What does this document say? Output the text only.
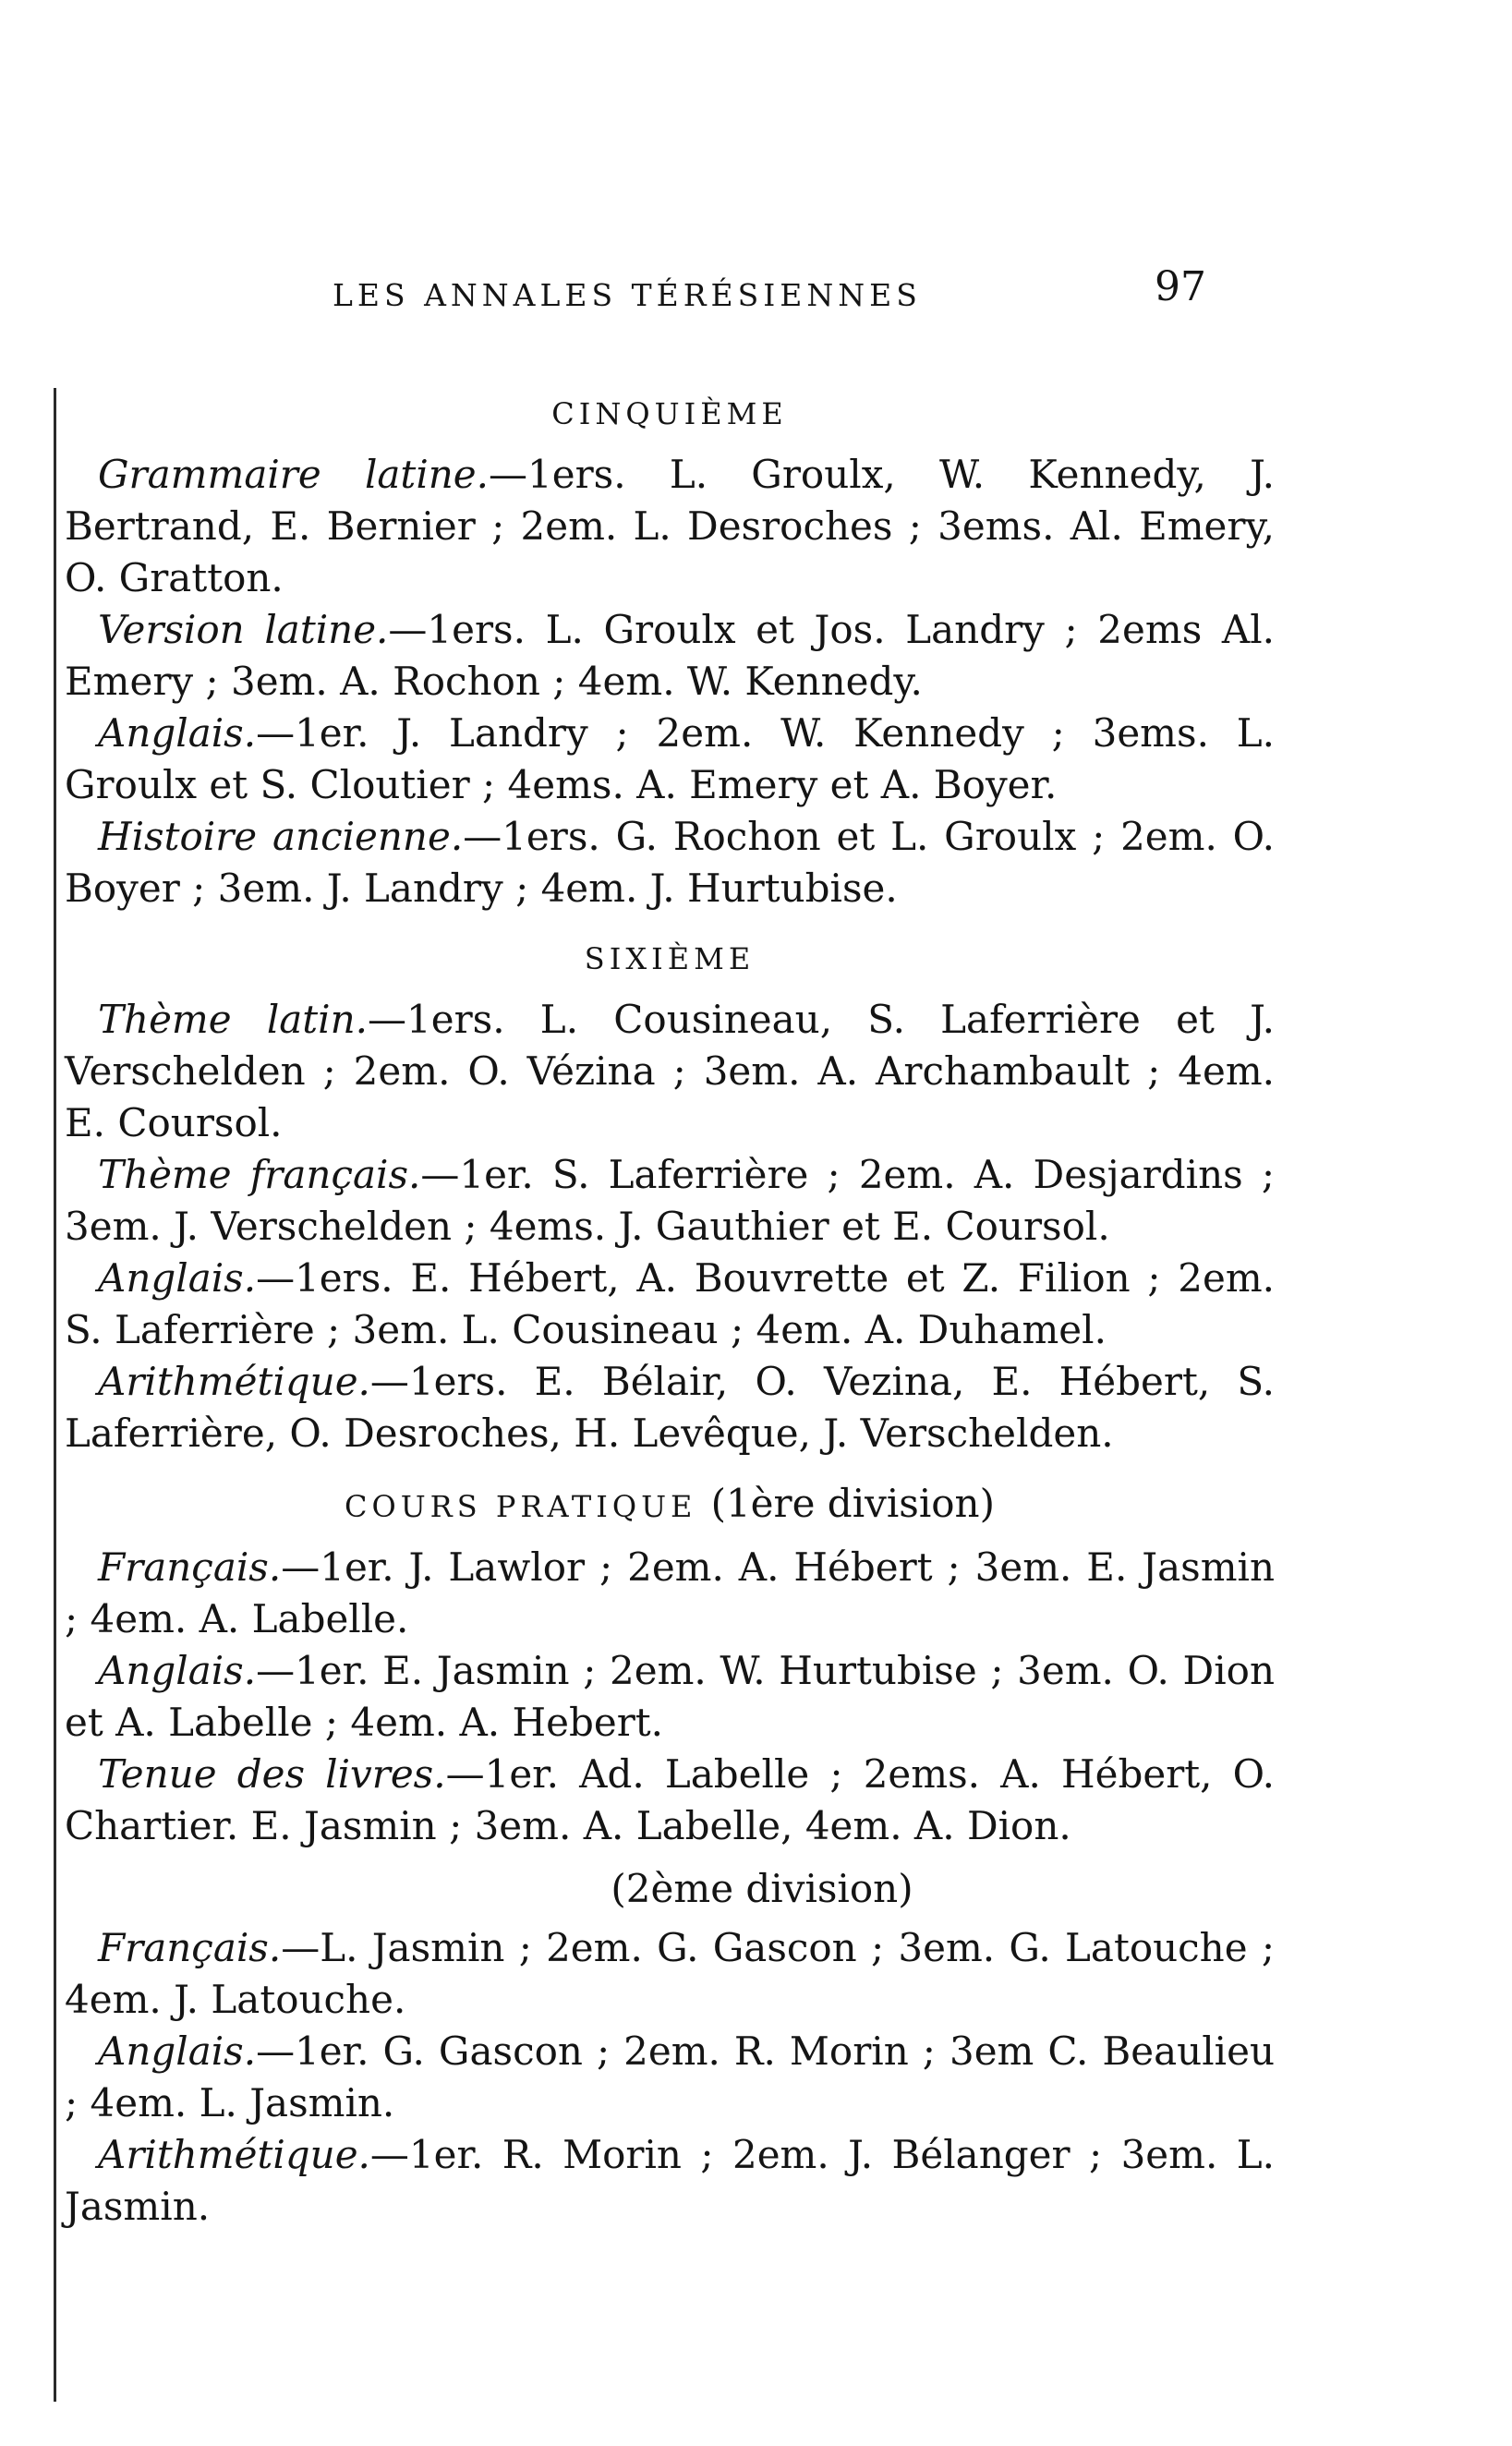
LES ANNALES TÉRÉSIENNES	97
CINQUIÈME

Grammaire latine.—1ers. L. Groulx, W. Kennedy, J. Bertrand, E. Bernier ; 2em. L. Desroches ; 3ems. Al. Emery, O. Gratton.

Version latine.—1ers. L. Groulx et Jos. Landry ; 2ems Al. Emery ; 3em. A. Rochon ; 4em. W. Kennedy.

Anglais.—1er. J. Landry ; 2em. W. Kennedy ; 3ems. L. Groulx et S. Cloutier ; 4ems. A. Emery et A. Boyer.

Histoire ancienne.—1ers. G. Rochon et L. Groulx ; 2em. O. Boyer ; 3em. J. Landry ; 4em. J. Hurtubise.

SIXIÈME

Thème latin.—1ers. L. Cousineau, S. Laferrière et J. Verschelden ; 2em. O. Vézina ; 3em. A. Archambault ; 4em. E. Coursol.

Thème français.—1er. S. Laferrière ; 2em. A. Desjardins ; 3em. J. Verschelden ; 4ems. J. Gauthier et E. Coursol.

Anglais.—1ers. E. Hébert, A. Bouvrette et Z. Filion ; 2em. S. Laferrière ; 3em. L. Cousineau ; 4em. A. Duhamel.

Arithmétique.—1ers. E. Bélair, O. Vezina, E. Hébert, S. Laferrière, O. Desroches, H. Levêque, J. Verschelden.

COURS PRATIQUE (1ère division)

Français.—1er. J. Lawlor ; 2em. A. Hébert ; 3em. E. Jasmin ; 4em. A. Labelle.

Anglais.—1er. E. Jasmin ; 2em. W. Hurtubise ; 3em. O. Dion et A. Labelle ; 4em. A. Hebert.

Tenue des livres.—1er. Ad. Labelle ; 2ems. A. Hébert, O. Chartier. E. Jasmin ; 3em. A. Labelle, 4em. A. Dion.

(2ème division)

Français.—L. Jasmin ; 2em. G. Gascon ; 3em. G. Latouche ; 4em. J. Latouche.

Anglais.—1er. G. Gascon ; 2em. R. Morin ; 3em C. Beaulieu ; 4em. L. Jasmin.

Arithmétique.—1er. R. Morin ; 2em. J. Bélanger ; 3em. L. Jasmin.
